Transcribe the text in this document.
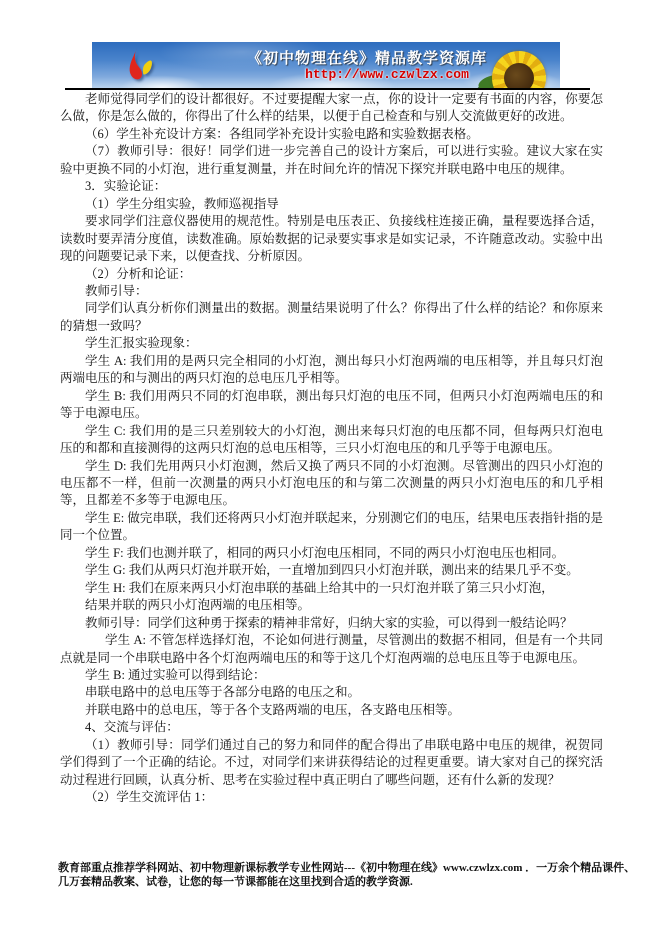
《初中物理在线》精品教学资源库
http://www.czwlzx.com
老师觉得同学们的设计都很好。不过要提醒大家一点，你的设计一定要有书面的内容，你要怎么做，你是怎么做的，你得出了什么样的结果，以便于自己检查和与别人交流做更好的改进。
（6）学生补充设计方案：各组同学补充设计实验电路和实验数据表格。
（7）教师引导：很好！同学们进一步完善自己的设计方案后，可以进行实验。建议大家在实验中更换不同的小灯泡，进行重复测量，并在时间允许的情况下探究并联电路中电压的规律。
3．实验论证：
（1）学生分组实验，教师巡视指导
要求同学们注意仪器使用的规范性。特别是电压表正、负接线柱连接正确，量程要选择合适，读数时要弄清分度值，读数准确。原始数据的记录要实事求是如实记录，不许随意改动。实验中出现的问题要记录下来，以便查找、分析原因。
（2）分析和论证：
教师引导：
同学们认真分析你们测量出的数据。测量结果说明了什么？你得出了什么样的结论？和你原来的猜想一致吗？
学生汇报实验现象：
学生 A: 我们用的是两只完全相同的小灯泡，测出每只小灯泡两端的电压相等，并且每只灯泡两端电压的和与测出的两只灯泡的总电压几乎相等。
学生 B: 我们用两只不同的灯泡串联，测出每只灯泡的电压不同，但两只小灯泡两端电压的和等于电源电压。
学生 C: 我们用的是三只差别较大的小灯泡，测出来每只灯泡的电压都不同，但每两只灯泡电压的和都和直接测得的这两只灯泡的总电压相等，三只小灯泡电压的和几乎等于电源电压。
学生 D: 我们先用两只小灯泡测，然后又换了两只不同的小灯泡测。尽管测出的四只小灯泡的电压都不一样，但前一次测量的两只小灯泡电压的和与第二次测量的两只小灯泡电压的和几乎相等，且都差不多等于电源电压。
学生 E: 做完串联，我们还将两只小灯泡并联起来，分别测它们的电压，结果电压表指针指的是同一个位置。
学生 F: 我们也测并联了，相同的两只小灯泡电压相同，不同的两只小灯泡电压也相同。
学生 G: 我们从两只灯泡并联开始，一直增加到四只小灯泡并联，测出来的结果几乎不变。
学生 H: 我们在原来两只小灯泡串联的基础上给其中的一只灯泡并联了第三只小灯泡，
结果并联的两只小灯泡两端的电压相等。
教师引导：同学们这种勇于探索的精神非常好，归纳大家的实验，可以得到一般结论吗？
学生 A: 不管怎样选择灯泡，不论如何进行测量，尽管测出的数据不相同，但是有一个共同点就是同一个串联电路中各个灯泡两端电压的和等于这几个灯泡两端的总电压且等于电源电压。
学生 B: 通过实验可以得到结论：
串联电路中的总电压等于各部分电路的电压之和。
并联电路中的总电压，等于各个支路两端的电压，各支路电压相等。
4、交流与评估：
（1）教师引导：同学们通过自己的努力和同伴的配合得出了串联电路中电压的规律，祝贺同学们得到了一个正确的结论。不过，对同学们来讲获得结论的过程更重要。请大家对自己的探究活动过程进行回顾，认真分析、思考在实验过程中真正明白了哪些问题，还有什么新的发现？
（2）学生交流评估 1：
教育部重点推荐学科网站、初中物理新课标教学专业性网站---《初中物理在线》www.czwlzx.com ．一万余个精品课件、
几万套精品教案、试卷，让您的每一节课都能在这里找到合适的教学资源.
